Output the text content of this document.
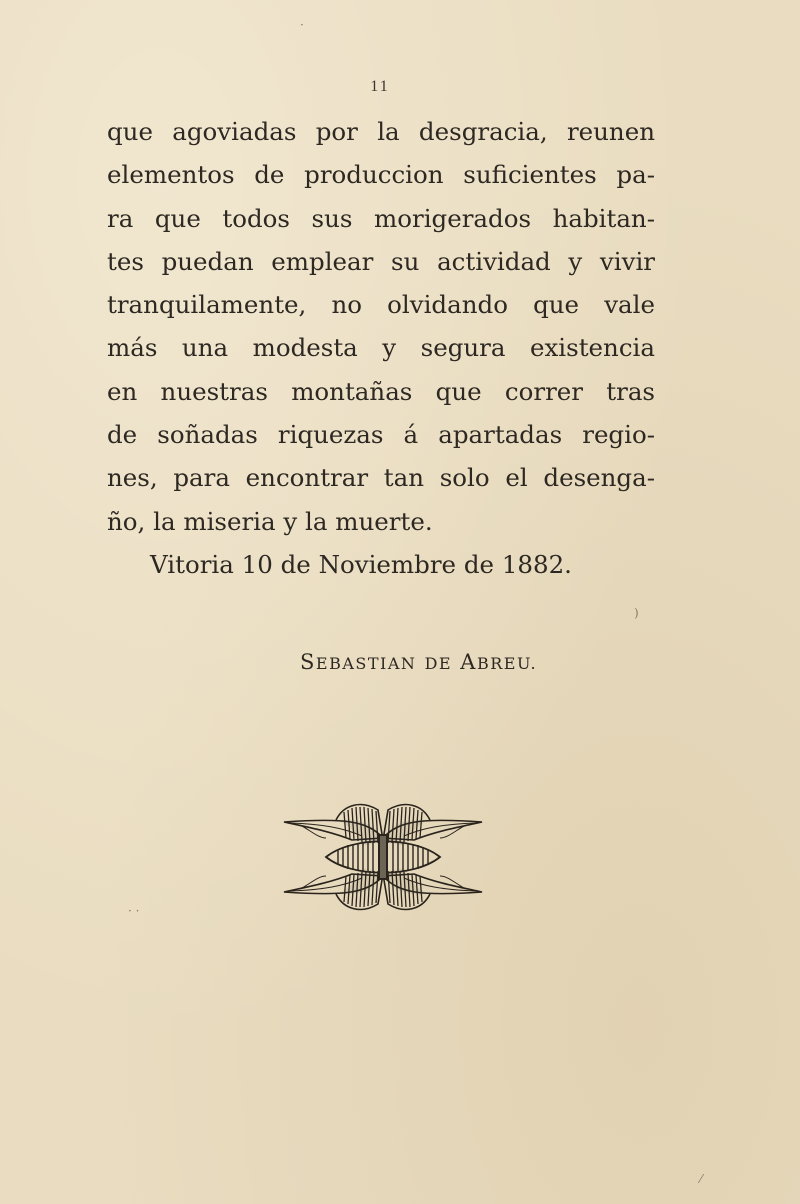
11
que agoviadas por la desgracia, reunen
elementos de produccion suficientes pa-
ra que todos sus morigerados habitan-
tes puedan emplear su actividad y vivir
tranquilamente, no olvidando que vale
más una modesta y segura existencia
en nuestras montañas que correr tras
de soñadas riquezas á apartadas regio-
nes, para encontrar tan solo el desenga-
ño, la miseria y la muerte.
Vitoria 10 de Noviembre de 1882.
SEBASTIAN DE ABREU.
·
)
· ·
⁄
